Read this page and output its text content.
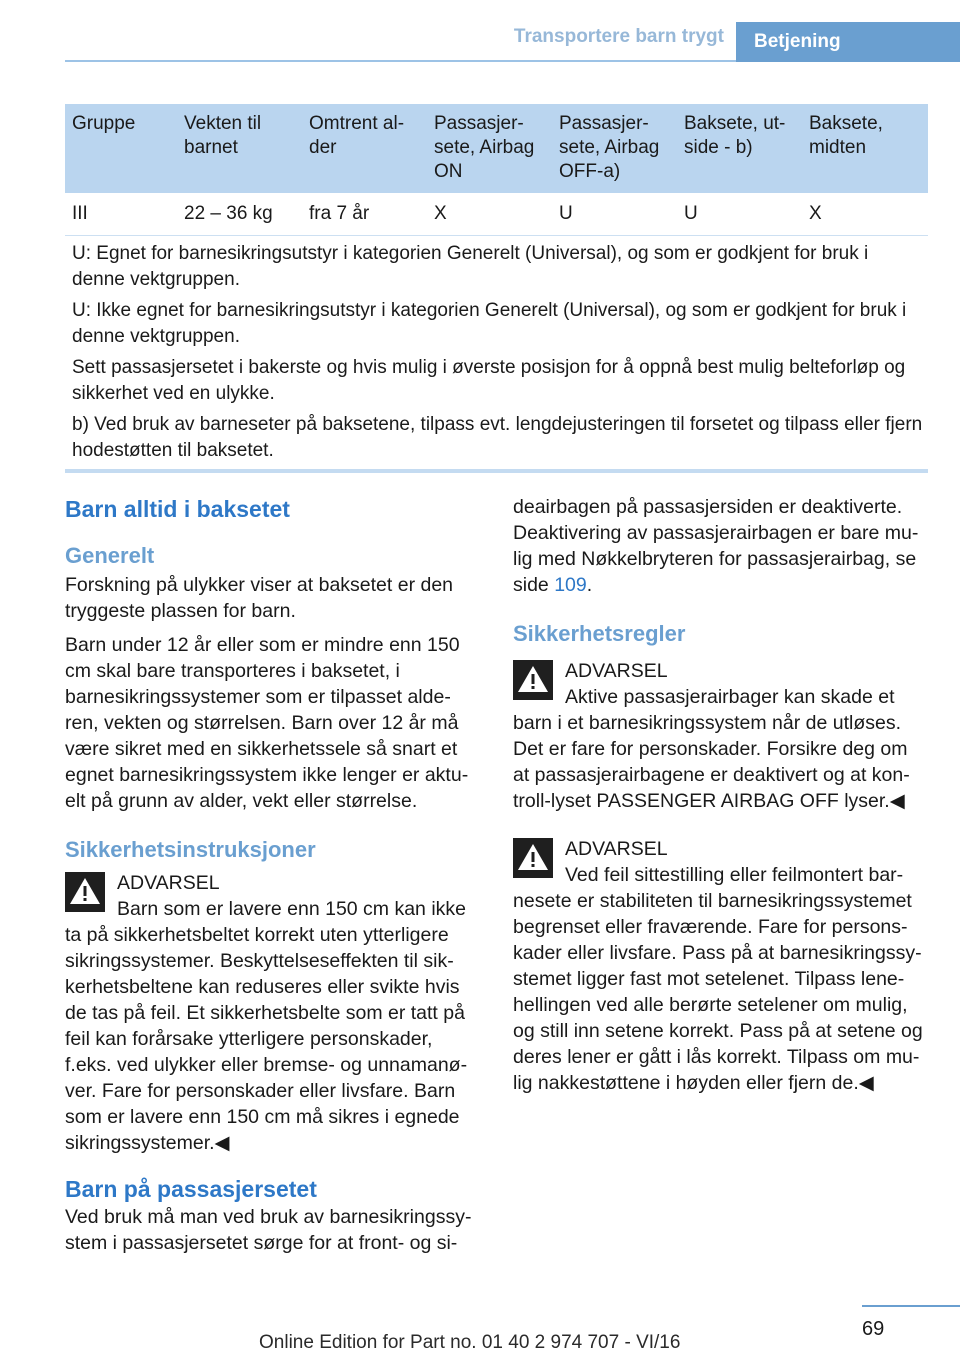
Transportere barn trygt	Betjening
Gruppe	Vekten til barnet	Omtrent al- der	Passasjer- sete, Airbag ON	Passasjer- sete, Airbag OFF-a)	Baksete, ut- side - b)	Baksete, midten
III	22 – 36 kg	fra 7 år	X	U	U	X

U: Egnet for barnesikringsutstyr i kategorien Generelt (Universal), og som er godkjent for bruk i denne vektgruppen.

U: Ikke egnet for barnesikringsutstyr i kategorien Generelt (Universal), og som er godkjent for bruk i denne vektgruppen.

Sett passasjersetet i bakerste og hvis mulig i øverste posisjon for å oppnå best mulig belteforløp og sikkerhet ved en ulykke.

b) Ved bruk av barneseter på baksetene, tilpass evt. lengdejusteringen til forsetet og tilpass eller fjern hodestøtten til baksetet.

Barn alltid i baksetet
Generelt

Forskning på ulykker viser at baksetet er den tryggeste plassen for barn.

Barn under 12 år eller som er mindre enn 150 cm skal bare transporteres i baksetet, i barnesikringssystemer som er tilpasset alde- ren, vekten og størrelsen. Barn over 12 år må være sikret med en sikkerhetssele så snart et egnet barnesikringssystem ikke lenger er aktu- elt på grunn av alder, vekt eller størrelse.

Sikkerhetsinstruksjoner
ADVARSEL
Barn som er lavere enn 150 cm kan ikke
ta på sikkerhetsbeltet korrekt uten ytterligere sikringssystemer. Beskyttelseseffekten til sik- kerhetsbeltene kan reduseres eller svikte hvis de tas på feil. Et sikkerhetsbelte som er tatt på feil kan forårsake ytterligere personskader, f.eks. ved ulykker eller bremse- og unnamanø- ver. Fare for personskader eller livsfare. Barn som er lavere enn 150 cm må sikres i egnede sikringssystemer.◀
Barn på passasjersetet

Ved bruk må man ved bruk av barnesikringssy- stem i passasjersetet sørge for at front- og si-

deairbagen på passasjersiden er deaktiverte. Deaktivering av passasjerairbagen er bare mu- lig med Nøkkelbryteren for passasjerairbag, se side 109.

Sikkerhetsregler
ADVARSEL
Aktive passasjerairbager kan skade et
barn i et barnesikringssystem når de utløses. Det er fare for personskader. Forsikre deg om at passasjerairbagene er deaktivert og at kon- troll-lyset PASSENGER AIRBAG OFF lyser.◀
ADVARSEL
Ved feil sittestilling eller feilmontert bar-
nesete er stabiliteten til barnesikringssystemet begrenset eller fraværende. Fare for persons- kader eller livsfare. Pass på at barnesikringssy- stemet ligger fast mot setelenet. Tilpass lene- hellingen ved alle berørte setelener om mulig, og still inn setene korrekt. Pass på at setene og deres lener er gått i lås korrekt. Tilpass om mu- lig nakkestøttene i høyden eller fjern de.◀
69
Online Edition for Part no. 01 40 2 974 707 - VI/16
